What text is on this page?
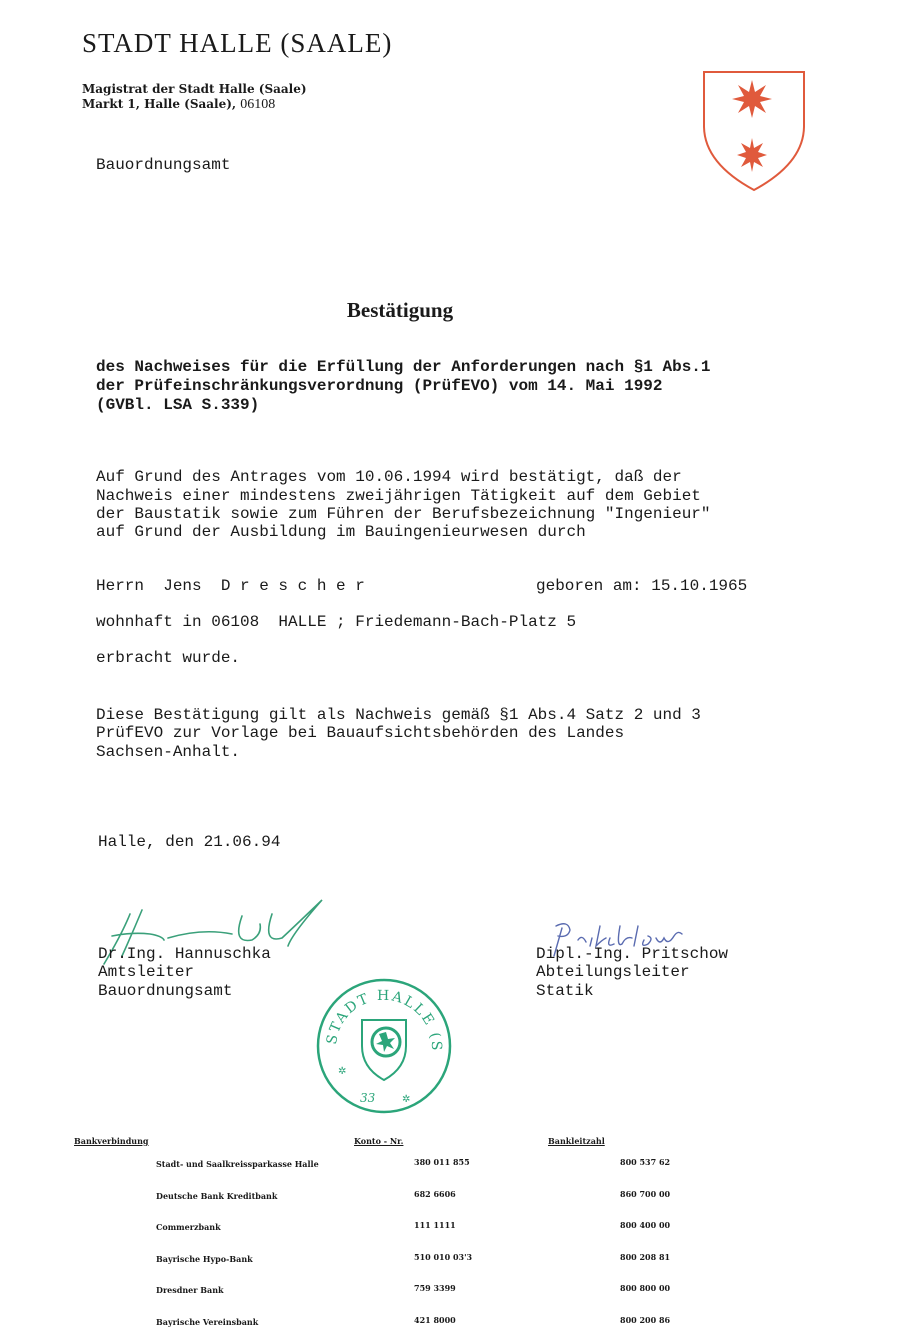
STADT HALLE (SAALE)
Magistrat der Stadt Halle (Saale)
Markt 1, Halle (Saale), 06108
Bauordnungsamt

Bestätigung
des Nachweises für die Erfüllung der Anforderungen nach §1 Abs.1
der Prüfeinschränkungsverordnung (PrüfEVO) vom 14. Mai 1992
(GVBl. LSA S.339)
Auf Grund des Antrages vom 10.06.1994 wird bestätigt, daß der
Nachweis einer mindestens zweijährigen Tätigkeit auf dem Gebiet
der Baustatik sowie zum Führen der Berufsbezeichnung "Ingenieur"
auf Grund der Ausbildung im Bauingenieurwesen durch
Herrn  Jens  D r e s c h e r	geboren am: 15.10.1965
wohnhaft in 06108  HALLE ; Friedemann-Bach-Platz 5
erbracht wurde.
Diese Bestätigung gilt als Nachweis gemäß §1 Abs.4 Satz 2 und 3
PrüfEVO zur Vorlage bei Bauaufsichtsbehörden des Landes
Sachsen-Anhalt.
Halle, den 21.06.94

Dr.Ing. Hannuschka
Amtsleiter
Bauordnungsamt
Dipl.-Ing. Pritschow
Abteilungsleiter
Statik

STADT HALLE (S
33	✲
✲

Bankverbindung

Stadt- und Saalkreissparkasse Halle

Deutsche Bank Kreditbank

Commerzbank

Bayrische Hypo-Bank

Dresdner Bank

Bayrische Vereinsbank

Konto - Nr.

380 011 855

682 6606

111 1111

510 010 03'3

759 3399

421 8000

Bankleitzahl

800 537 62

860 700 00

800 400 00

800 208 81

800 800 00

800 200 86
